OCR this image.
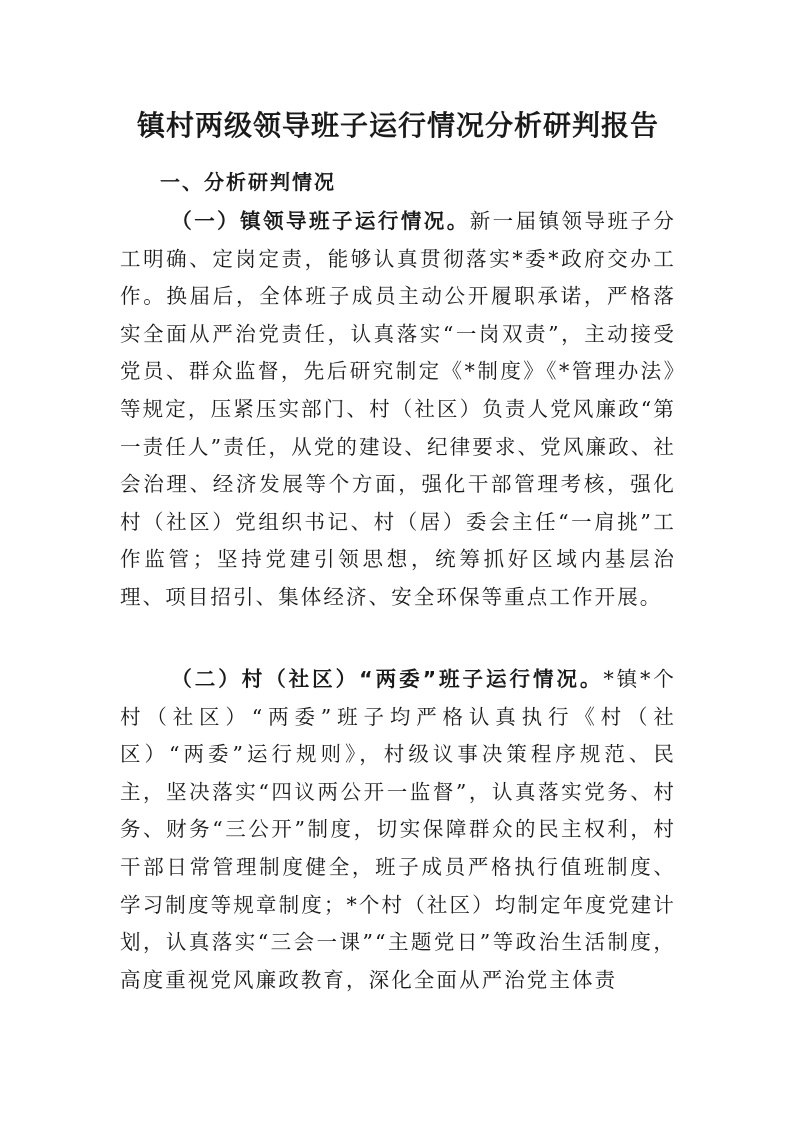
镇村两级领导班子运行情况分析研判报告
一、分析研判情况

（一）镇领导班子运行情况。新一届镇领导班子分工明确、定岗定责，能够认真贯彻落实*委*政府交办工作。换届后，全体班子成员主动公开履职承诺，严格落实全面从严治党责任，认真落实“一岗双责”，主动接受党员、群众监督，先后研究制定《*制度》《*管理办法》等规定，压紧压实部门、村（社区）负责人党风廉政“第一责任人”责任，从党的建设、纪律要求、党风廉政、社会治理、经济发展等个方面，强化干部管理考核，强化村（社区）党组织书记、村（居）委会主任“一肩挑”工作监管；坚持党建引领思想，统筹抓好区域内基层治理、项目招引、集体经济、安全环保等重点工作开展。

（二）村（社区）“两委”班子运行情况。*镇*个村（社区）“两委”班子均严格认真执行《村（社区）“两委”运行规则》，村级议事决策程序规范、民主，坚决落实“四议两公开一监督”，认真落实党务、村务、财务“三公开”制度，切实保障群众的民主权利，村干部日常管理制度健全，班子成员严格执行值班制度、学习制度等规章制度；*个村（社区）均制定年度党建计划，认真落实“三会一课”“主题党日”等政治生活制度，高度重视党风廉政教育，深化全面从严治党主体责
